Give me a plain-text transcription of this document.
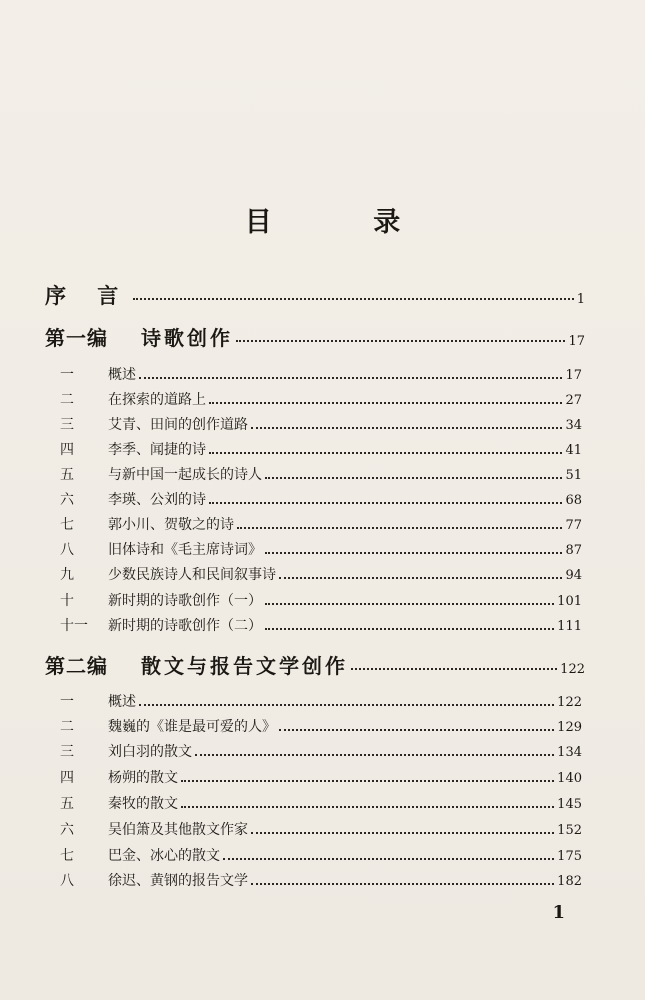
目 录
序 言	1
第一编	诗歌创作	17
一	概述	17
二	在探索的道路上	27
三	艾青、田间的创作道路	34
四	李季、闻捷的诗	41
五	与新中国一起成长的诗人	51
六	李瑛、公刘的诗	68
七	郭小川、贺敬之的诗	77
八	旧体诗和《毛主席诗词》	87
九	少数民族诗人和民间叙事诗	94
十	新时期的诗歌创作（一）	101
十一	新时期的诗歌创作（二）	111
第二编	散文与报告文学创作	122
一	概述	122
二	魏巍的《谁是最可爱的人》	129
三	刘白羽的散文	134
四	杨朔的散文	140
五	秦牧的散文	145
六	吴伯箫及其他散文作家	152
七	巴金、冰心的散文	175
八	徐迟、黄钢的报告文学	182
1
